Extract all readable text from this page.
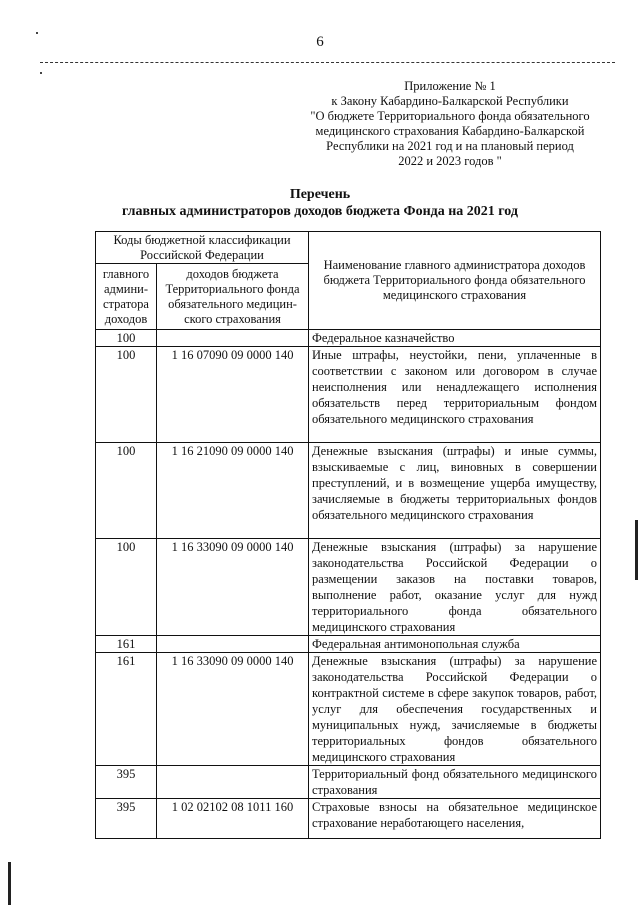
6
Приложение № 1
к Закону Кабардино-Балкарской Республики
"О бюджете Территориального фонда обязательного
медицинского страхования Кабардино-Балкарской
Республики на 2021 год и на плановый период
2022 и 2023 годов "
Перечень
главных администраторов доходов бюджета Фонда на 2021 год
Коды бюджетной классификации Российской Федерации		Наименование главного администратора доходов бюджета Территориального фонда обязательного медицинского страхования
главного админи-стратора доходов	доходов бюджета Территориального фонда обязательного медицин-ского страхования	
100		Федеральное казначейство
100	1 16 07090 09 0000 140	Иные штрафы, неустойки, пени, уплаченные в соответствии с законом или договором в случае неисполнения или ненадлежащего исполнения обязательств перед территориальным фондом обязательного медицинского страхования
100	1 16 21090 09 0000 140	Денежные взыскания (штрафы) и иные суммы, взыскиваемые с лиц, виновных в совершении преступлений, и в возмещение ущерба имуществу, зачисляемые в бюджеты территориальных фондов обязательного медицинского страхования
100	1 16 33090 09 0000 140	Денежные взыскания (штрафы) за нарушение законодательства Российской Федерации о размещении заказов на поставки товаров, выполнение работ, оказание услуг для нужд территориального фонда обязательного медицинского страхования
161		Федеральная антимонопольная служба
161	1 16 33090 09 0000 140	Денежные взыскания (штрафы) за нарушение законодательства Российской Федерации о контрактной системе в сфере закупок товаров, работ, услуг для обеспечения государственных и муниципальных нужд, зачисляемые в бюджеты территориальных фондов обязательного медицинского страхования
395		Территориальный фонд обязательного медицинского страхования
395	1 02 02102 08 1011 160	Страховые взносы на обязательное медицинское страхование неработающего населения,
